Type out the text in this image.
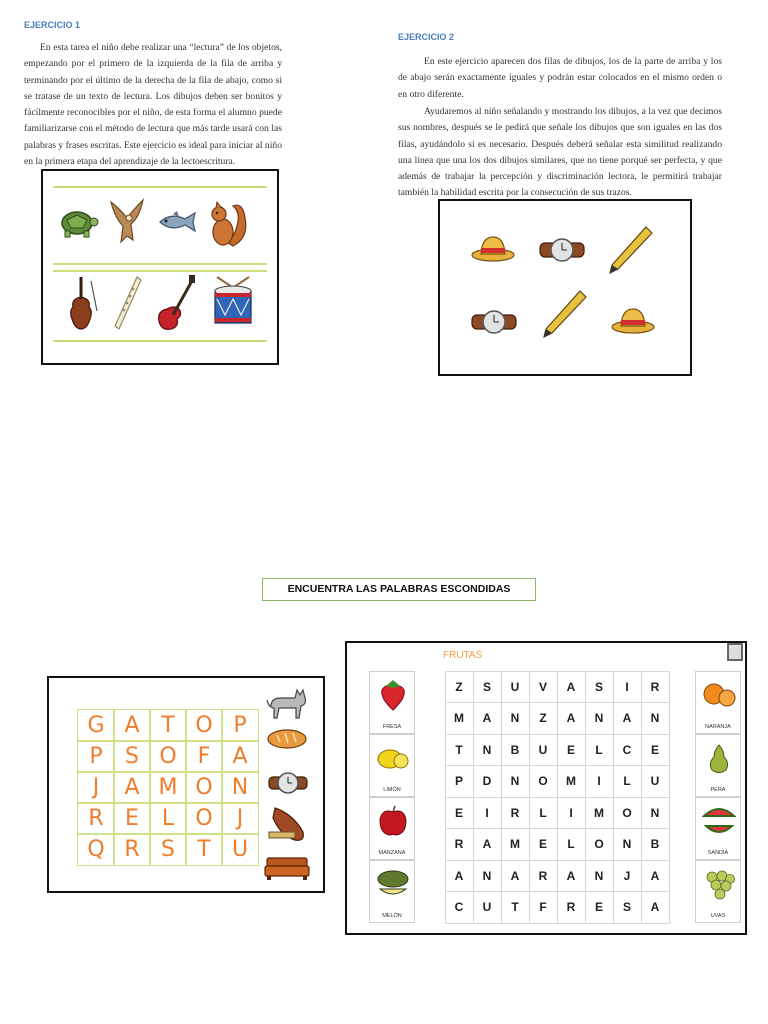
EJERCICIO 1
En esta tarea el niño debe realizar una “lectura” de los objetos, empezando por el primero de la izquierda de la fila de arriba y terminando por el último de la derecha de la fila de abajo, como si se tratase de un texto de lectura. Los dibujos deben ser bonitos y fácilmente reconocibles por el niño, de esta forma el alumno puede familiarizarse con el método de lectura que más tarde usará con las palabras y frases escritas. Este ejercicio es ideal para iniciar al niño en la primera etapa del aprendizaje de la lectoescritura.
EJERCICIO 2
En este ejercicio aparecen dos filas de dibujos, los de la parte de arriba y los de abajo serán exactamente iguales y podrán estar colocados en el mismo orden o en otro diferente.
Ayudaremos al niño señalando y mostrando los dibujos, a la vez que decimos sus nombres, después se le pedirá que señale los dibujos que son iguales en las dos filas, ayudándolo si es necesario. Después deberá señalar esta similitud realizando una línea que una los dos dibujos similares, que no tiene porqué ser perfecta, y que además de trabajar la percepción y discriminación lectora, le permitirá trabajar también la habilidad escrita por la consecución de sus trazos.
ENCUENTRA LAS PALABRAS ESCONDIDAS
G A T O P
P	S O F	A
J	A M O N
R E	L O	J
Q R S	T U
FRUTAS
FRESA
LIMÓN
MANZANA
MELÓN
Z	S	U	V	A	S	I	R
M	A	N	Z	A	N	A	N
T	N	B	U	E	L	C	E
P	D	N	O	M	I	L	U
E	I	R	L	I	M	O	N
R	A	M	E	L	O	N	B
A	N	A	R	A	N	J	A
C	U	T	F	R	E	S	A
NARANJA
PERA
SANDÍA
UVAS
